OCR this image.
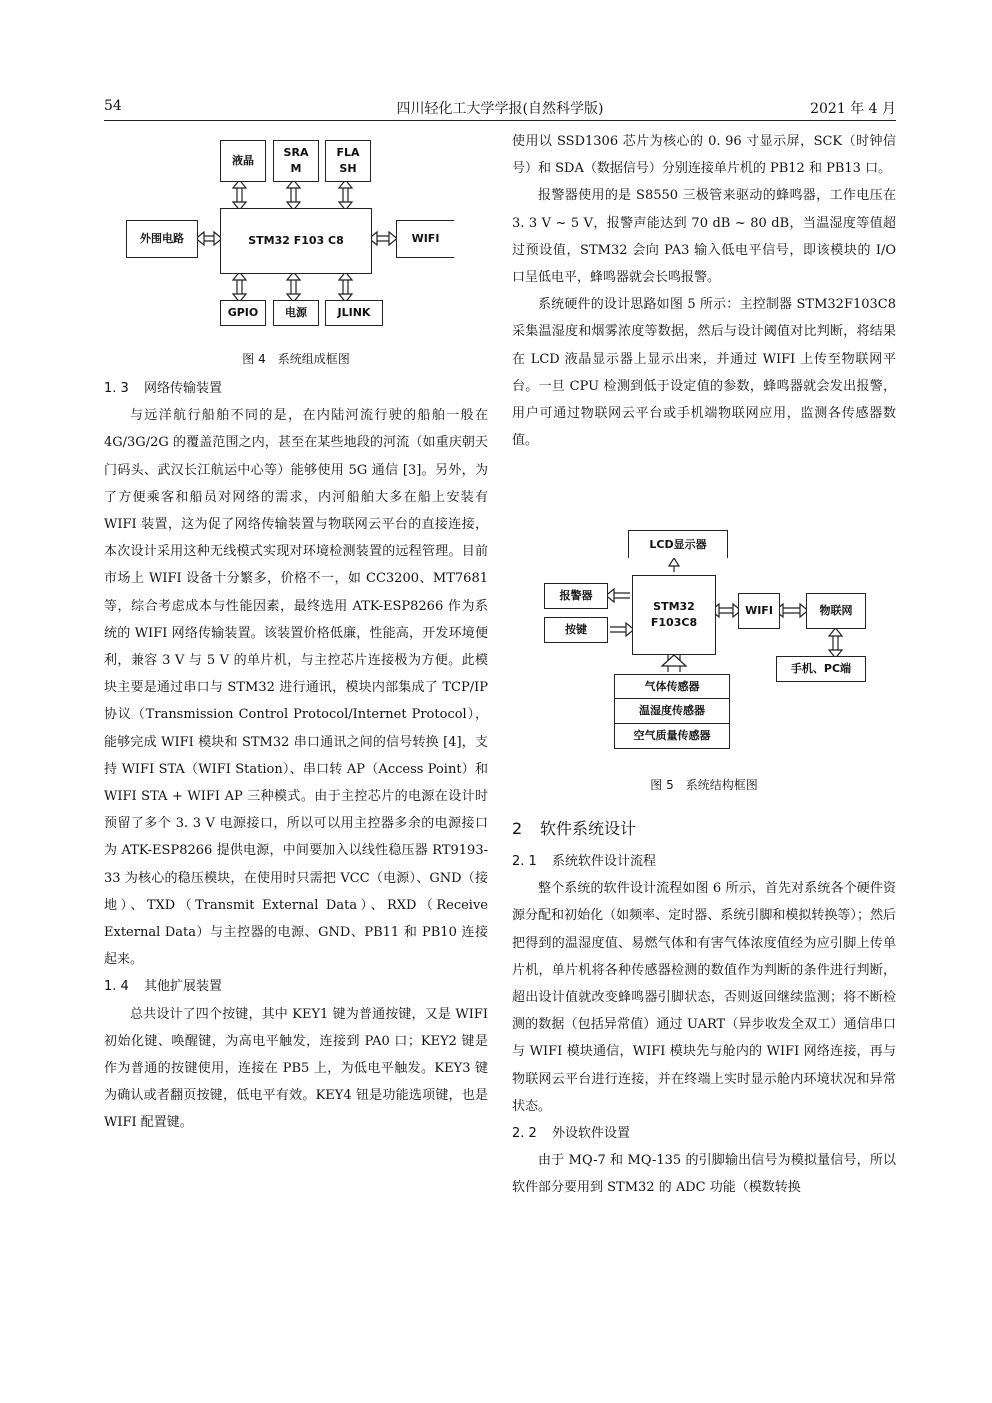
54	四川轻化工大学学报(自然科学版)	2021 年 4 月
液晶
SRA
M
FLA
SH
STM32 F103 C8
外围电路	WIFI
GPIO 电源	JLINK
图 4　系统组成框图
1. 3 网络传输装置

与远洋航行船舶不同的是，在内陆河流行驶的船舶一般在 4G/3G/2G 的覆盖范围之内，甚至在某些地段的河流（如重庆朝天门码头、武汉长江航运中心等）能够使用 5G 通信 [3]。另外，为了方便乘客和船员对网络的需求，内河船舶大多在船上安装有 WIFI 装置，这为促了网络传输装置与物联网云平台的直接连接，本次设计采用这种无线模式实现对环境检测装置的远程管理。目前市场上 WIFI 设备十分繁多，价格不一，如 CC3200、MT7681 等，综合考虑成本与性能因素，最终选用 ATK-ESP8266 作为系统的 WIFI 网络传输装置。该装置价格低廉，性能高，开发环境便利，兼容 3 V 与 5 V 的单片机，与主控芯片连接极为方便。此模块主要是通过串口与 STM32 进行通讯，模块内部集成了 TCP/IP 协议（Transmission Control Protocol/Internet Protocol），能够完成 WIFI 模块和 STM32 串口通讯之间的信号转换 [4]，支持 WIFI STA（WIFI Station）、串口转 AP（Access Point）和 WIFI STA + WIFI AP 三种模式。由于主控芯片的电源在设计时预留了多个 3. 3 V 电源接口，所以可以用主控器多余的电源接口为 ATK-ESP8266 提供电源，中间要加入以线性稳压器 RT9193-33 为核心的稳压模块，在使用时只需把 VCC（电源）、GND（接地）、TXD（Transmit External Data）、RXD（Receive External Data）与主控器的电源、GND、PB11 和 PB10 连接起来。

1. 4 其他扩展装置

总共设计了四个按键，其中 KEY1 键为普通按键，又是 WIFI 初始化键、唤醒键，为高电平触发，连接到 PA0 口；KEY2 键是作为普通的按键使用，连接在 PB5 上，为低电平触发。KEY3 键为确认或者翻页按键，低电平有效。KEY4 钮是功能选项键，也是 WIFI 配置键。

使用以 SSD1306 芯片为核心的 0. 96 寸显示屏，SCK（时钟信号）和 SDA（数据信号）分别连接单片机的 PB12 和 PB13 口。

报警器使用的是 S8550 三极管来驱动的蜂鸣器，工作电压在 3. 3 V ~ 5 V，报警声能达到 70 dB ~ 80 dB，当温湿度等值超过预设值，STM32 会向 PA3 输入低电平信号，即该模块的 I/O 口呈低电平，蜂鸣器就会长鸣报警。

系统硬件的设计思路如图 5 所示：主控制器 STM32F103C8 采集温湿度和烟雾浓度等数据，然后与设计阈值对比判断，将结果在 LCD 液晶显示器上显示出来，并通过 WIFI 上传至物联网平台。一旦 CPU 检测到低于设定值的参数，蜂鸣器就会发出报警，用户可通过物联网云平台或手机端物联网应用，监测各传感器数值。

LCD显示器
报警器
按键
STM32
F103C8
WIFI	物联网
手机、PC端
气体传感器
温湿度传感器
空气质量传感器
图 5　系统结构框图
2 软件系统设计
2. 1 系统软件设计流程

整个系统的软件设计流程如图 6 所示，首先对系统各个硬件资源分配和初始化（如频率、定时器、系统引脚和模拟转换等）；然后把得到的温湿度值、易燃气体和有害气体浓度值经为应引脚上传单片机，单片机将各种传感器检测的数值作为判断的条件进行判断，超出设计值就改变蜂鸣器引脚状态，否则返回继续监测；将不断检测的数据（包括异常值）通过 UART（异步收发全双工）通信串口与 WIFI 模块通信，WIFI 模块先与舱内的 WIFI 网络连接，再与物联网云平台进行连接，并在终端上实时显示舱内环境状况和异常状态。

2. 2 外设软件设置

由于 MQ-7 和 MQ-135 的引脚输出信号为模拟量信号，所以软件部分要用到 STM32 的 ADC 功能（模数转换
